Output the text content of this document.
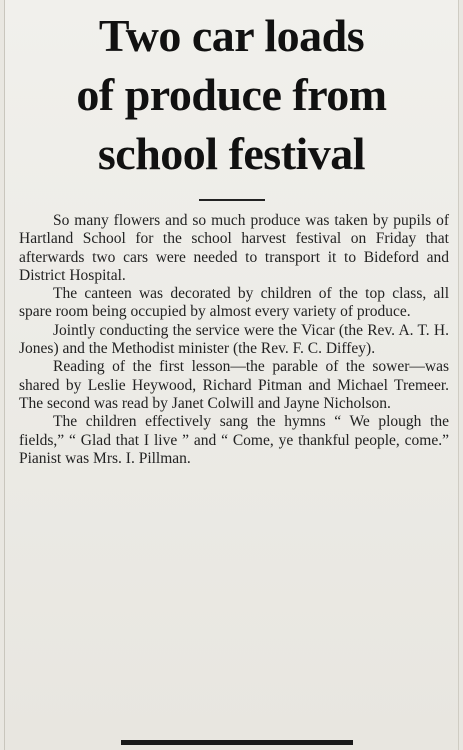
Two car loads
of produce from
school festival

So many flowers and so much produce was taken by pupils of Hartland School for the school harvest festival on Friday that afterwards two cars were needed to transport it to Bideford and District Hospital.

The canteen was decorated by children of the top class, all spare room being occupied by almost every variety of produce.

Jointly conducting the service were the Vicar (the Rev. A. T. H. Jones) and the Methodist minister (the Rev. F. C. Diffey).

Reading of the first lesson—the parable of the sower—was shared by Leslie Heywood, Richard Pitman and Michael Tremeer. The second was read by Janet Colwill and Jayne Nicholson.

The children effectively sang the hymns “ We plough the fields,” “ Glad that I live ” and “ Come, ye thankful people, come.” Pianist was Mrs. I. Pillman.
